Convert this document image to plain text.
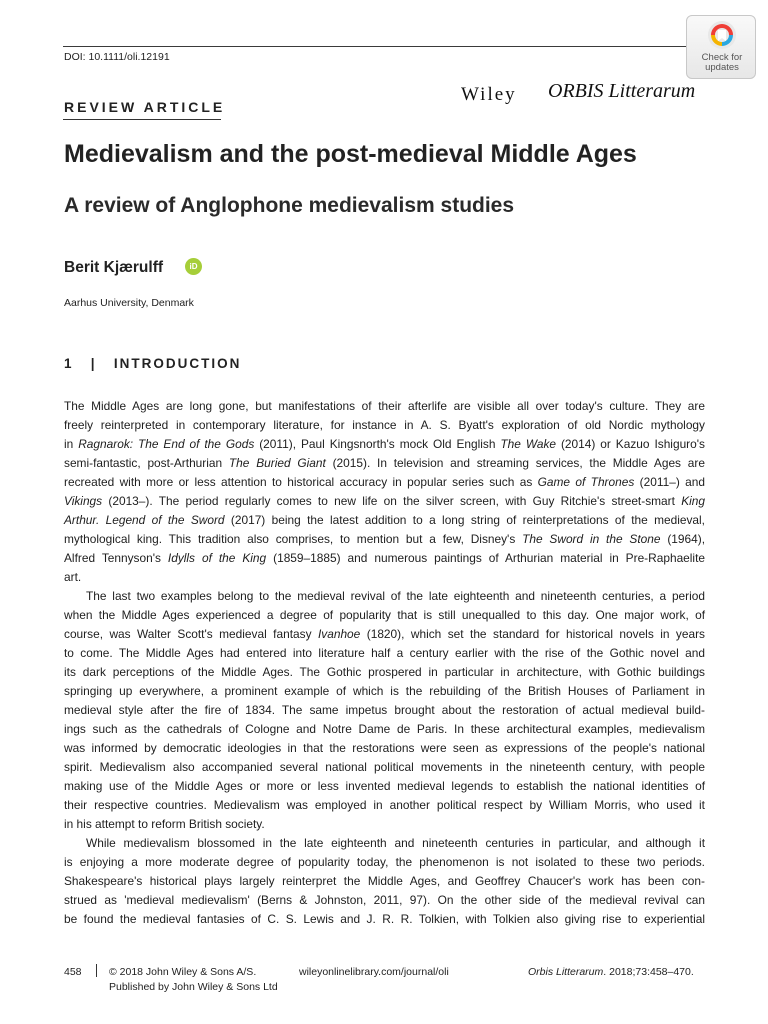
DOI: 10.1111/oli.12191	Check for
updates
Wiley ORBIS Litterarum
REVIEW ARTICLE
Medievalism and the post-medieval Middle Ages
A review of Anglophone medievalism studies
Berit Kjærulff	iD
Aarhus University, Denmark
1 | INTRODUCTION
The Middle Ages are long gone, but manifestations of their afterlife are visible all over today's culture. They are
freely reinterpreted in contemporary literature, for instance in A. S. Byatt's exploration of old Nordic mythology
in Ragnarok: The End of the Gods (2011), Paul Kingsnorth's mock Old English The Wake (2014) or Kazuo Ishiguro's
semi-fantastic, post-Arthurian The Buried Giant (2015). In television and streaming services, the Middle Ages are
recreated with more or less attention to historical accuracy in popular series such as Game of Thrones (2011–) and
Vikings (2013–). The period regularly comes to new life on the silver screen, with Guy Ritchie's street-smart King
Arthur. Legend of the Sword (2017) being the latest addition to a long string of reinterpretations of the medieval,
mythological king. This tradition also comprises, to mention but a few, Disney's The Sword in the Stone (1964),
Alfred Tennyson's Idylls of the King (1859–1885) and numerous paintings of Arthurian material in Pre-Raphaelite
art.
The last two examples belong to the medieval revival of the late eighteenth and nineteenth centuries, a period
when the Middle Ages experienced a degree of popularity that is still unequalled to this day. One major work, of
course, was Walter Scott's medieval fantasy Ivanhoe (1820), which set the standard for historical novels in years
to come. The Middle Ages had entered into literature half a century earlier with the rise of the Gothic novel and
its dark perceptions of the Middle Ages. The Gothic prospered in particular in architecture, with Gothic buildings
springing up everywhere, a prominent example of which is the rebuilding of the British Houses of Parliament in
medieval style after the fire of 1834. The same impetus brought about the restoration of actual medieval build-
ings such as the cathedrals of Cologne and Notre Dame de Paris. In these architectural examples, medievalism
was informed by democratic ideologies in that the restorations were seen as expressions of the people's national
spirit. Medievalism also accompanied several national political movements in the nineteenth century, with people
making use of the Middle Ages or more or less invented medieval legends to establish the national identities of
their respective countries. Medievalism was employed in another political respect by William Morris, who used it
in his attempt to reform British society.
While medievalism blossomed in the late eighteenth and nineteenth centuries in particular, and although it
is enjoying a more moderate degree of popularity today, the phenomenon is not isolated to these two periods.
Shakespeare's historical plays largely reinterpret the Middle Ages, and Geoffrey Chaucer's work has been con-
strued as 'medieval medievalism' (Berns & Johnston, 2011, 97). On the other side of the medieval revival can
be found the medieval fantasies of C. S. Lewis and J. R. R. Tolkien, with Tolkien also giving rise to experiential
458	© 2018 John Wiley & Sons A/S.
Published by John Wiley & Sons Ltd
wileyonlinelibrary.com/journal/oli	Orbis Litterarum. 2018;73:458–470.
